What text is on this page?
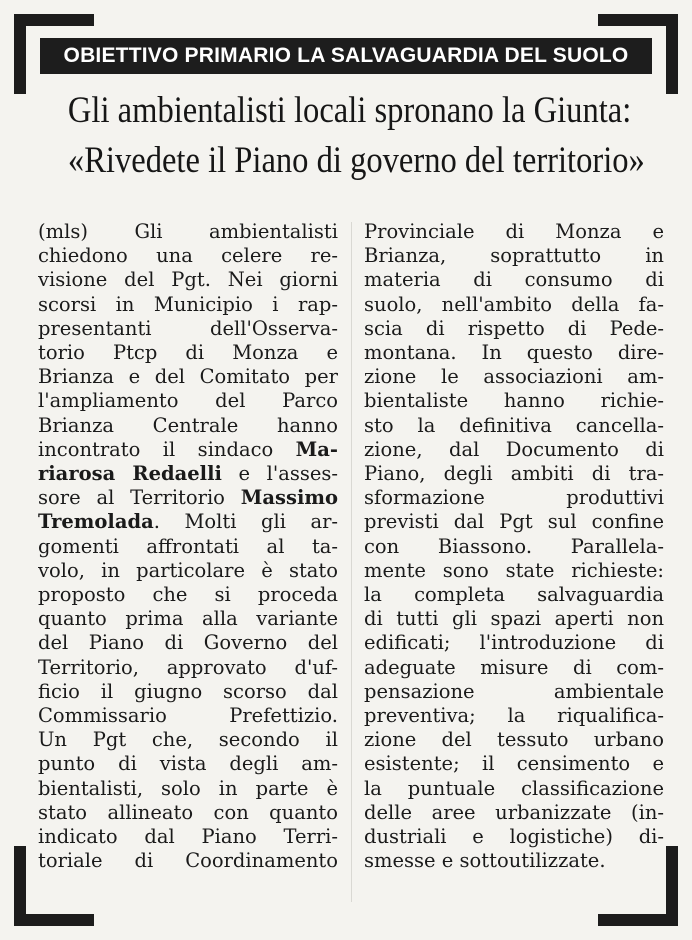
OBIETTIVO PRIMARIO LA SALVAGUARDIA DEL SUOLO
Gli ambientalisti locali spronano la Giunta:
«Rivedete il Piano di governo del territorio»
(mls) Gli ambientalisti
chiedono una celere re-
visione del Pgt. Nei giorni
scorsi in Municipio i rap-
presentanti dell'Osserva-
torio Ptcp di Monza e
Brianza e del Comitato per
l'ampliamento del Parco
Brianza Centrale hanno
incontrato il sindaco Ma-
riarosa Redaelli e l'asses-
sore al Territorio Massimo
Tremolada. Molti gli ar-
gomenti affrontati al ta-
volo, in particolare è stato
proposto che si proceda
quanto prima alla variante
del Piano di Governo del
Territorio, approvato d'uf-
ficio il giugno scorso dal
Commissario Prefettizio.
Un Pgt che, secondo il
punto di vista degli am-
bientalisti, solo in parte è
stato allineato con quanto
indicato dal Piano Terri-
toriale di Coordinamento
Provinciale di Monza e
Brianza, soprattutto in
materia di consumo di
suolo, nell'ambito della fa-
scia di rispetto di Pede-
montana. In questo dire-
zione le associazioni am-
bientaliste hanno richie-
sto la definitiva cancella-
zione, dal Documento di
Piano, degli ambiti di tra-
sformazione produttivi
previsti dal Pgt sul confine
con Biassono. Parallela-
mente sono state richieste:
la completa salvaguardia
di tutti gli spazi aperti non
edificati; l'introduzione di
adeguate misure di com-
pensazione ambientale
preventiva; la riqualifica-
zione del tessuto urbano
esistente; il censimento e
la puntuale classificazione
delle aree urbanizzate (in-
dustriali e logistiche) di-
smesse e sottoutilizzate.
